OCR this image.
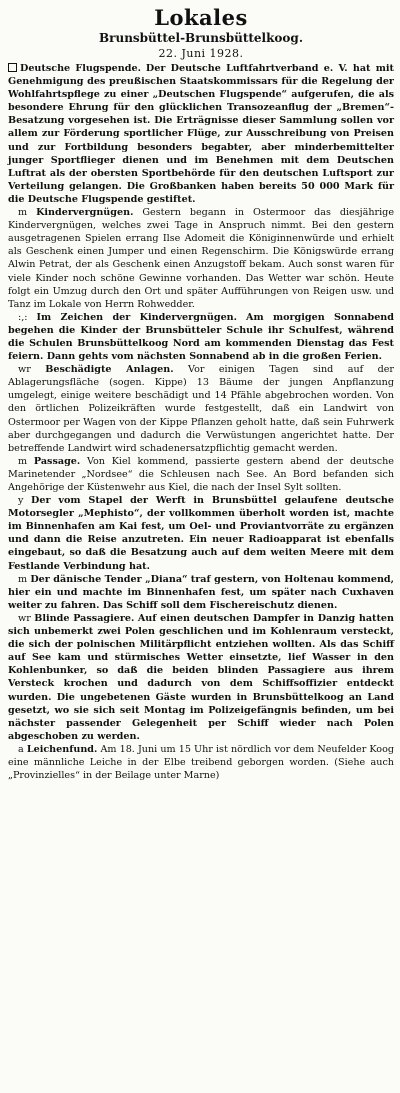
Lokales
Brunsbüttel-Brunsbüttelkoog.
22. Juni 1928.

Deutsche Flugspende. Der Deutsche Luftfahrtverband e. V. hat mit Genehmigung des preußischen Staatskommissars für die Regelung der Wohlfahrtspflege zu einer „Deutschen Flugspende“ aufgerufen, die als besondere Ehrung für den glücklichen Transozeanflug der „Bremen“-Besatzung vorgesehen ist. Die Erträgnisse dieser Sammlung sollen vor allem zur Förderung sportlicher Flüge, zur Ausschreibung von Preisen und zur Fortbildung besonders begabter, aber minderbemittelter junger Sportflieger dienen und im Benehmen mit dem Deutschen Luftrat als der obersten Sportbehörde für den deutschen Luftsport zur Verteilung gelangen. Die Großbanken haben bereits 50 000 Mark für die Deutsche Flugspende gestiftet.

m Kindervergnügen. Gestern begann in Ostermoor das diesjährige Kindervergnügen, welches zwei Tage in Anspruch nimmt. Bei den gestern ausgetragenen Spielen errang Ilse Adomeit die Königinnenwürde und erhielt als Geschenk einen Jumper und einen Regenschirm. Die Königswürde errang Alwin Petrat, der als Geschenk einen Anzugstoff bekam. Auch sonst waren für viele Kinder noch schöne Gewinne vorhanden. Das Wetter war schön. Heute folgt ein Umzug durch den Ort und später Aufführungen von Reigen usw. und Tanz im Lokale von Herrn Rohwedder.

:,: Im Zeichen der Kindervergnügen. Am morgigen Sonnabend begehen die Kinder der Brunsbütteler Schule ihr Schulfest, während die Schulen Brunsbüttelkoog Nord am kommenden Dienstag das Fest feiern. Dann gehts vom nächsten Sonnabend ab in die großen Ferien.

wr Beschädigte Anlagen. Vor einigen Tagen sind auf der Ablagerungsfläche (sogen. Kippe) 13 Bäume der jungen Anpflanzung umgelegt, einige weitere beschädigt und 14 Pfähle abgebrochen worden. Von den örtlichen Polizeikräften wurde festgestellt, daß ein Landwirt von Ostermoor per Wagen von der Kippe Pflanzen geholt hatte, daß sein Fuhrwerk aber durchgegangen und dadurch die Verwüstungen angerichtet hatte. Der betreffende Landwirt wird schadenersatzpflichtig gemacht werden.

m Passage. Von Kiel kommend, passierte gestern abend der deutsche Marinetender „Nordsee“ die Schleusen nach See. An Bord befanden sich Angehörige der Küstenwehr aus Kiel, die nach der Insel Sylt sollten.

y Der vom Stapel der Werft in Brunsbüttel gelaufene deutsche Motorsegler „Mephisto“, der vollkommen überholt worden ist, machte im Binnenhafen am Kai fest, um Oel- und Proviantvorräte zu ergänzen und dann die Reise anzutreten. Ein neuer Radioapparat ist ebenfalls eingebaut, so daß die Besatzung auch auf dem weiten Meere mit dem Festlande Verbindung hat.

m Der dänische Tender „Diana“ traf gestern, von Holtenau kommend, hier ein und machte im Binnenhafen fest, um später nach Cuxhaven weiter zu fahren. Das Schiff soll dem Fischereischutz dienen.

wr Blinde Passagiere. Auf einen deutschen Dampfer in Danzig hatten sich unbemerkt zwei Polen geschlichen und im Kohlenraum versteckt, die sich der polnischen Militärpflicht entziehen wollten. Als das Schiff auf See kam und stürmisches Wetter einsetzte, lief Wasser in den Kohlenbunker, so daß die beiden blinden Passagiere aus ihrem Versteck krochen und dadurch von dem Schiffsoffizier entdeckt wurden. Die ungebetenen Gäste wurden in Brunsbüttelkoog an Land gesetzt, wo sie sich seit Montag im Polizeigefängnis befinden, um bei nächster passender Gelegenheit per Schiff wieder nach Polen abgeschoben zu werden.

a Leichenfund. Am 18. Juni um 15 Uhr ist nördlich vor dem Neufelder Koog eine männliche Leiche in der Elbe treibend geborgen worden. (Siehe auch „Provinzielles“ in der Beilage unter Marne)
